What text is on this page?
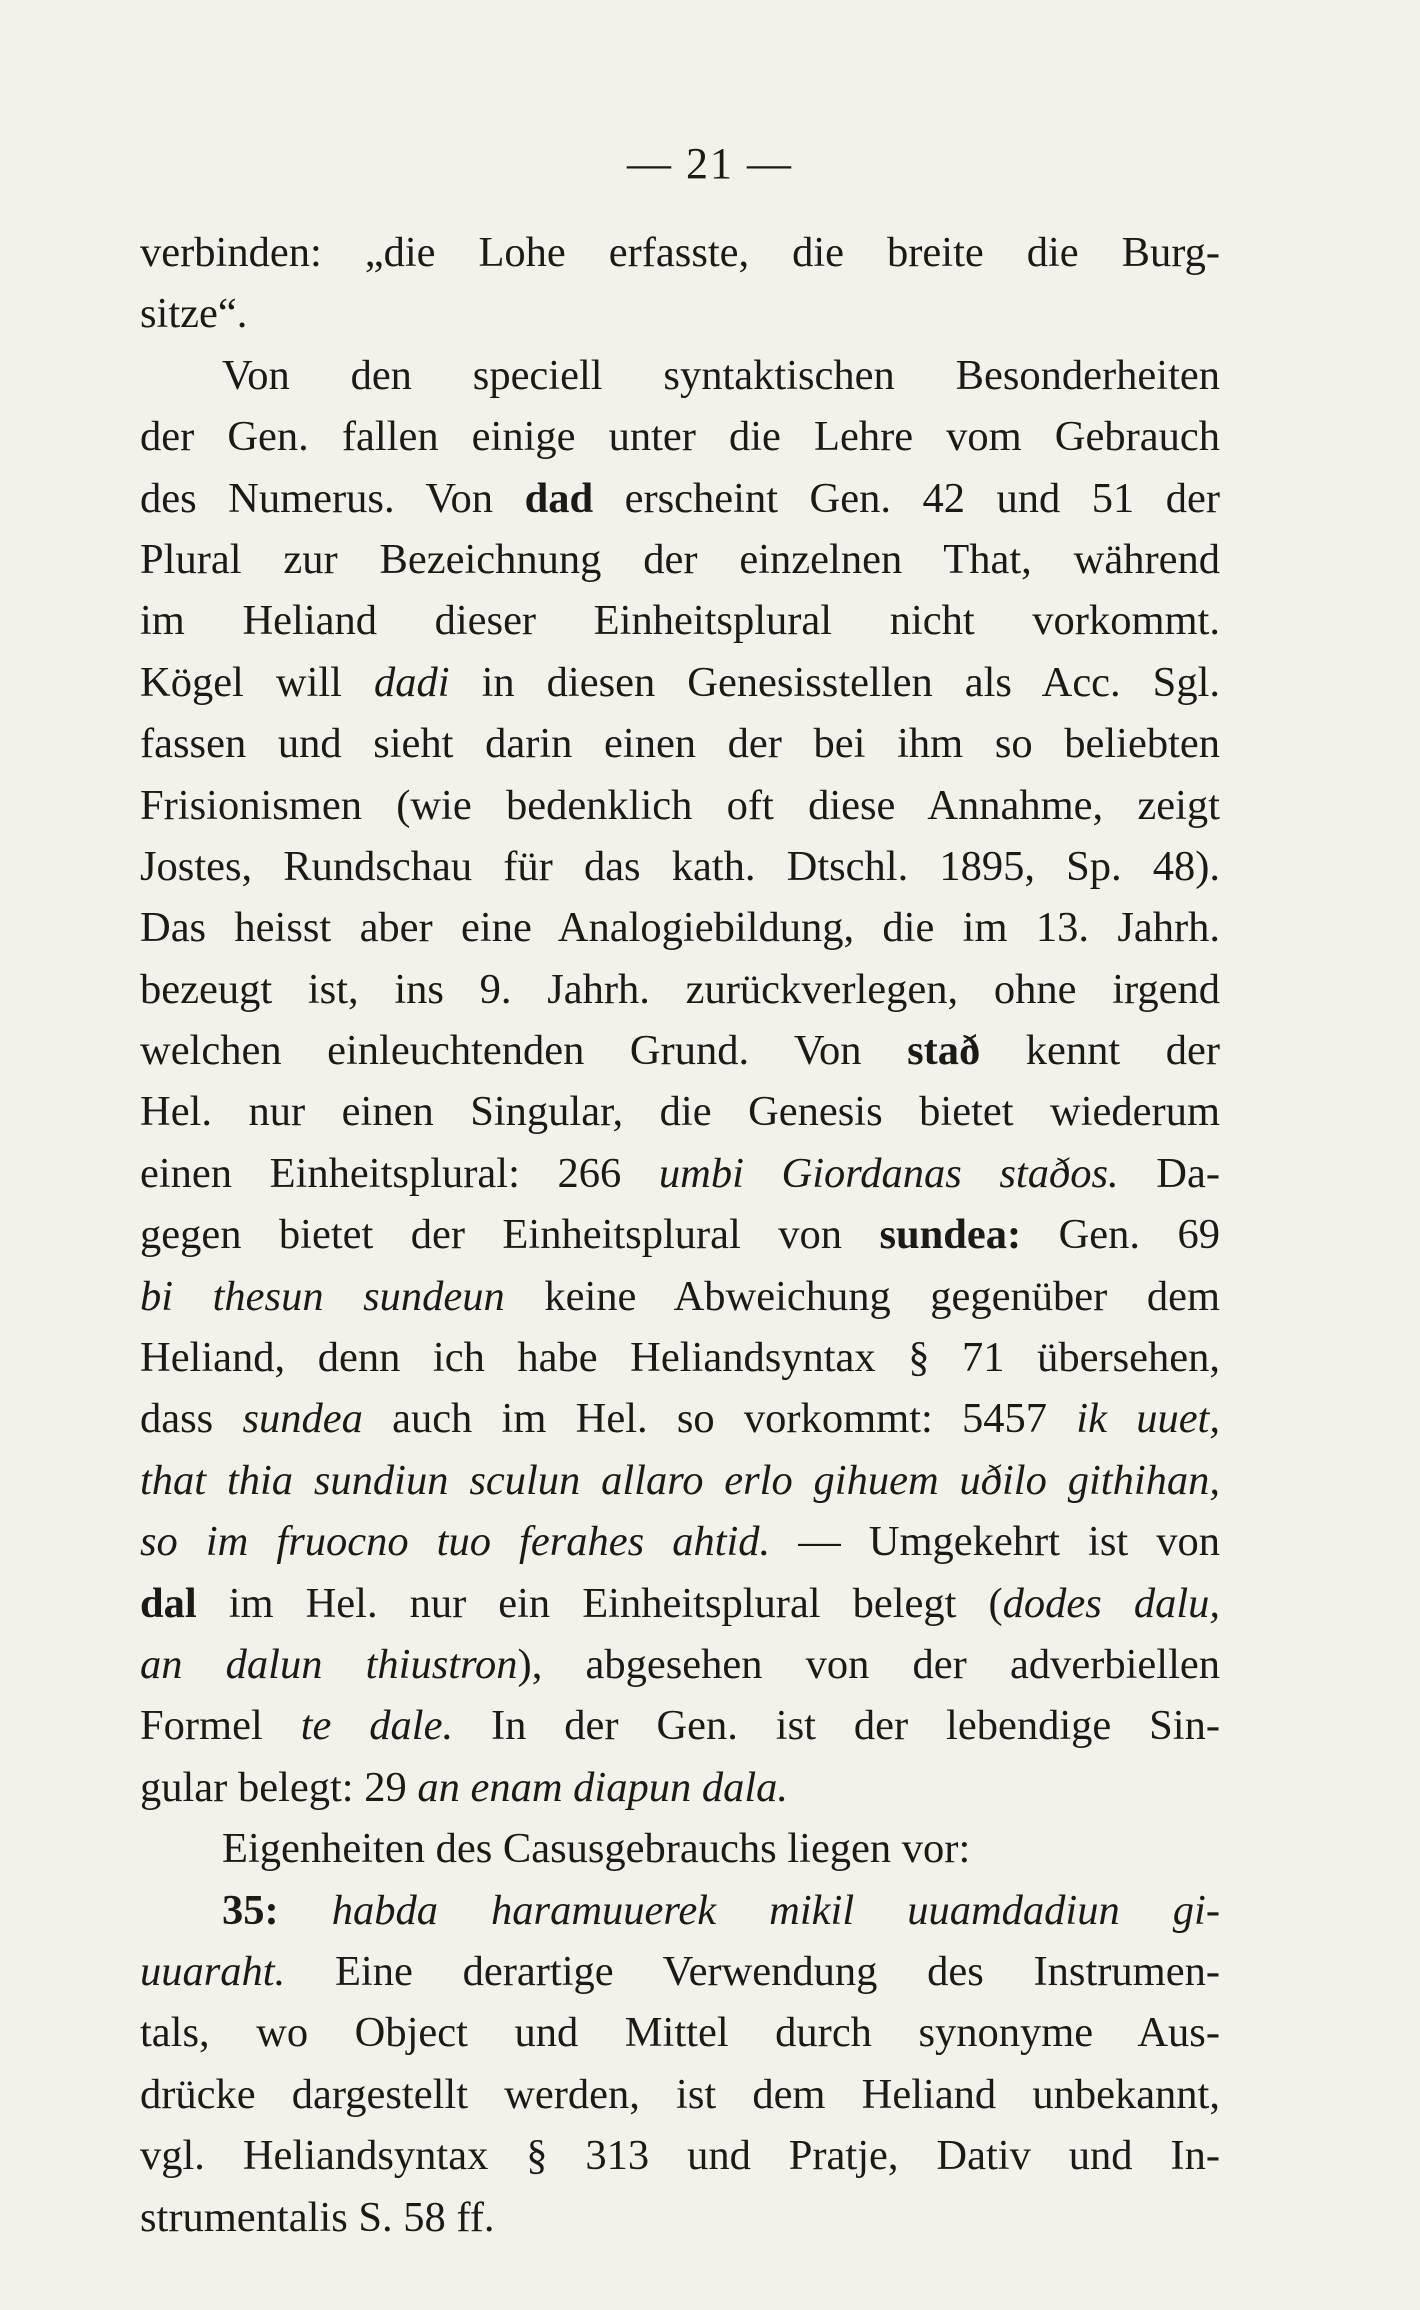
— 21 —
verbinden: „die Lohe erfasste, die breite die Burg-
sitze“.
Von den speciell syntaktischen Besonderheiten
der Gen. fallen einige unter die Lehre vom Gebrauch
des Numerus. Von dad erscheint Gen. 42 und 51 der
Plural zur Bezeichnung der einzelnen That, während
im Heliand dieser Einheitsplural nicht vorkommt.
Kögel will dadi in diesen Genesisstellen als Acc. Sgl.
fassen und sieht darin einen der bei ihm so beliebten
Frisionismen (wie bedenklich oft diese Annahme, zeigt
Jostes, Rundschau für das kath. Dtschl. 1895, Sp. 48).
Das heisst aber eine Analogiebildung, die im 13. Jahrh.
bezeugt ist, ins 9. Jahrh. zurückverlegen, ohne irgend
welchen einleuchtenden Grund. Von stað kennt der
Hel. nur einen Singular, die Genesis bietet wiederum
einen Einheitsplural: 266 umbi Giordanas staðos. Da-
gegen bietet der Einheitsplural von sundea: Gen. 69
bi thesun sundeun keine Abweichung gegenüber dem
Heliand, denn ich habe Heliandsyntax § 71 übersehen,
dass sundea auch im Hel. so vorkommt: 5457 ik uuet,
that thia sundiun sculun allaro erlo gihuem uðilo githihan,
so im fruocno tuo ferahes ahtid. — Umgekehrt ist von
dal im Hel. nur ein Einheitsplural belegt (dodes dalu,
an dalun thiustron), abgesehen von der adverbiellen
Formel te dale. In der Gen. ist der lebendige Sin-
gular belegt: 29 an enam diapun dala.
Eigenheiten des Casusgebrauchs liegen vor:
35: habda haramuuerek mikil uuamdadiun gi-
uuaraht. Eine derartige Verwendung des Instrumen-
tals, wo Object und Mittel durch synonyme Aus-
drücke dargestellt werden, ist dem Heliand unbekannt,
vgl. Heliandsyntax § 313 und Pratje, Dativ und In-
strumentalis S. 58 ff.
